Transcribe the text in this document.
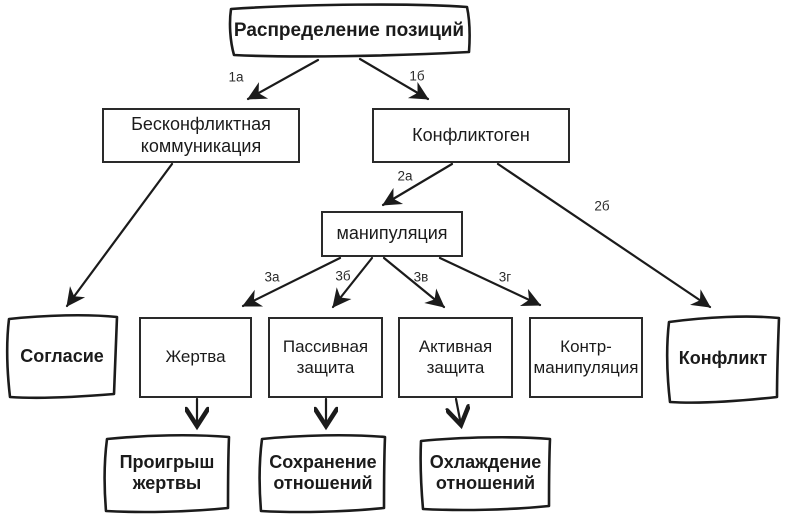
Бесконфликтная коммуникация
Конфликтоген
манипуляция
Жертва
Пассивная защита
Активная защита
Контр-манипуляция
Распределение позиций
Согласие	Конфликт
Проигрыш жертвы
Сохранение отношений
Охлаждение отношений
1а	1б
2а
2б
3а	3б	3в	3г
